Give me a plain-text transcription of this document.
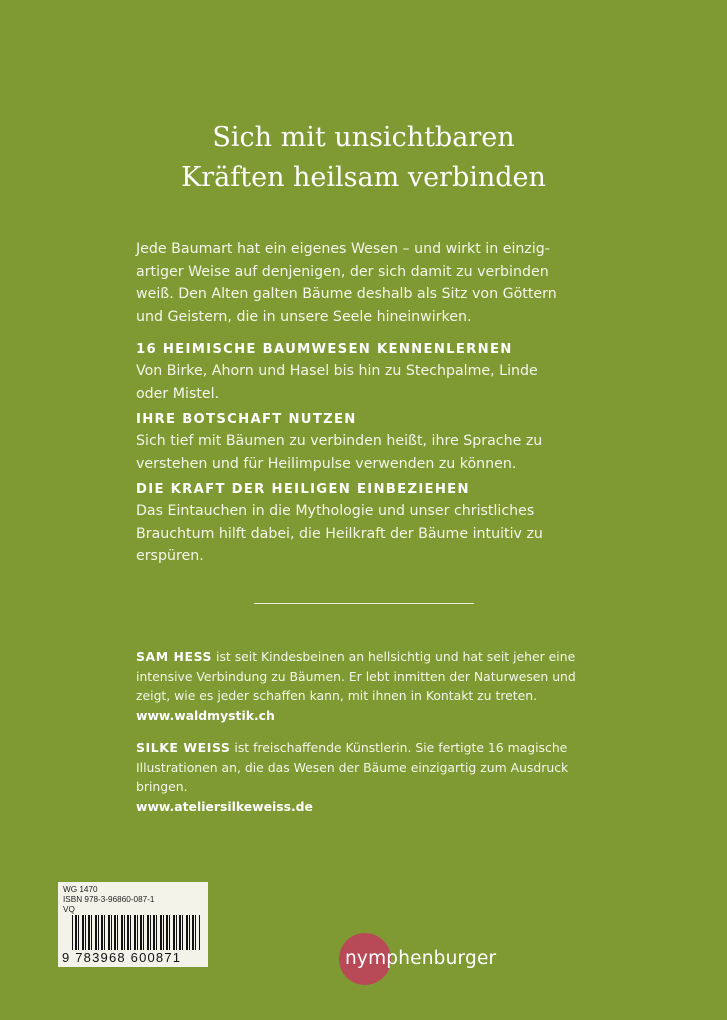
Sich mit unsichtbaren
Kräften heilsam verbinden
Jede Baumart hat ein eigenes Wesen – und wirkt in einzig-
artiger Weise auf denjenigen, der sich damit zu verbinden
weiß. Den Alten galten Bäume deshalb als Sitz von Göttern
und Geistern, die in unsere Seele hineinwirken.
16 HEIMISCHE BAUMWESEN KENNENLERNEN
Von Birke, Ahorn und Hasel bis hin zu Stechpalme, Linde
oder Mistel.
IHRE BOTSCHAFT NUTZEN
Sich tief mit Bäumen zu verbinden heißt, ihre Sprache zu
verstehen und für Heilimpulse verwenden zu können.
DIE KRAFT DER HEILIGEN EINBEZIEHEN
Das Eintauchen in die Mythologie und unser christliches
Brauchtum hilft dabei, die Heilkraft der Bäume intuitiv zu
erspüren.
SAM HESS ist seit Kindesbeinen an hellsichtig und hat seit jeher eine
intensive Verbindung zu Bäumen. Er lebt inmitten der Naturwesen und
zeigt, wie es jeder schaffen kann, mit ihnen in Kontakt zu treten.
www.waldmystik.ch
SILKE WEISS ist freischaffende Künstlerin. Sie fertigte 16 magische
Illustrationen an, die das Wesen der Bäume einzigartig zum Ausdruck
bringen.
www.ateliersilkeweiss.de
WG 1470
ISBN 978-3-96860-087-1
VQ
9 783968 600871	nymphenburger
